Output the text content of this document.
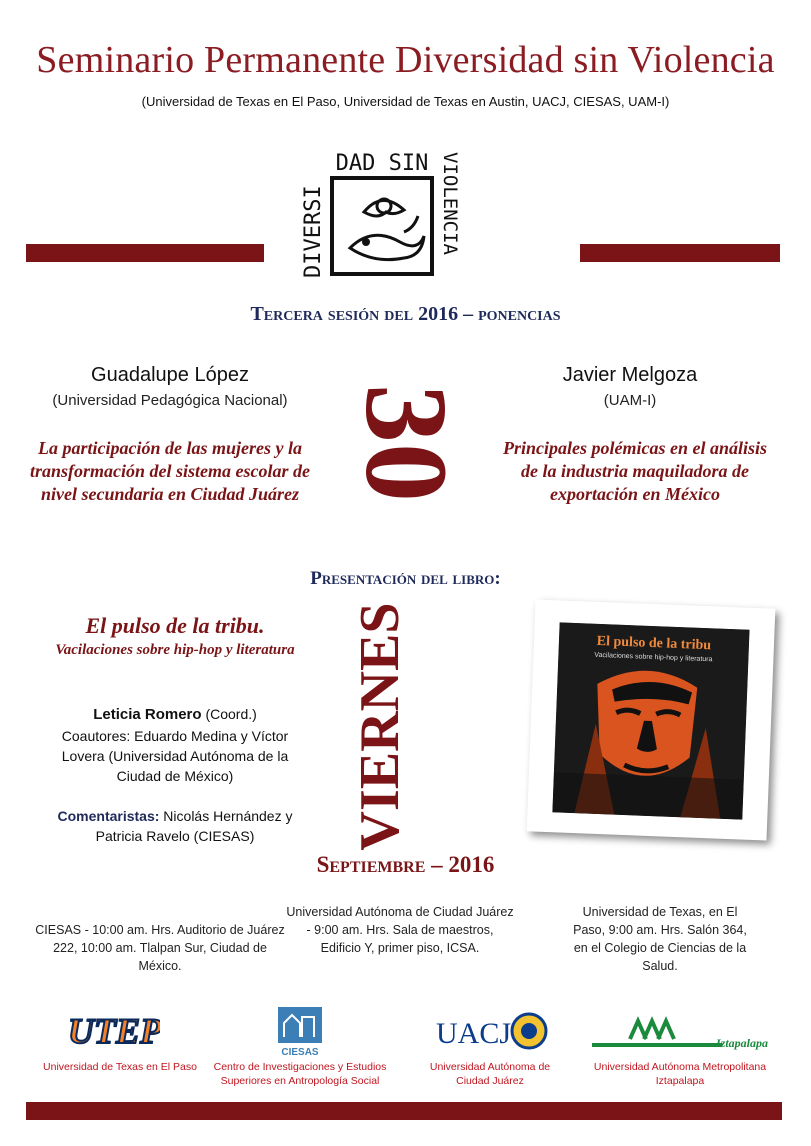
Seminario Permanente Diversidad sin Violencia
(Universidad de Texas en El Paso, Universidad de Texas en Austin, UACJ, CIESAS, UAM-I)
DAD SIN
DIVERSI	VIOLENCIA
Tercera sesión del 2016 – ponencias
Guadalupe López
(Universidad Pedagógica Nacional)
La participación de las mujeres y la transformación del sistema escolar de nivel secundaria en Ciudad Juárez 30
Javier Melgoza
(UAM-I)
Principales polémicas en el análisis de la industria maquiladora de exportación en México
Presentación del libro:
El pulso de la tribu.
Vacilaciones sobre hip-hop y literatura
Leticia Romero (Coord.)
Coautores: Eduardo Medina y Víctor Lovera (Universidad Autónoma de la Ciudad de México)
Comentaristas: Nicolás Hernández y Patricia Ravelo (CIESAS)	VIERNES	El pulso de la tribu
Vacilaciones sobre hip-hop y literatura
Septiembre – 2016
CIESAS - 10:00 am. Hrs. Auditorio de Juárez 222, 10:00 am. Tlalpan Sur, Ciudad de México.
Universidad Autónoma de Ciudad Juárez - 9:00 am. Hrs. Sala de maestros, Edificio Y, primer piso, ICSA.
Universidad de Texas, en El Paso, 9:00 am. Hrs. Salón 364, en el Colegio de Ciencias de la Salud.
UTEP
CIESAS
UACJ	Iztapalapa
Universidad de Texas en El Paso	Centro de Investigaciones y Estudios Superiores en Antropología Social
Universidad Autónoma de Ciudad Juárez
Universidad Autónoma Metropolitana Iztapalapa
